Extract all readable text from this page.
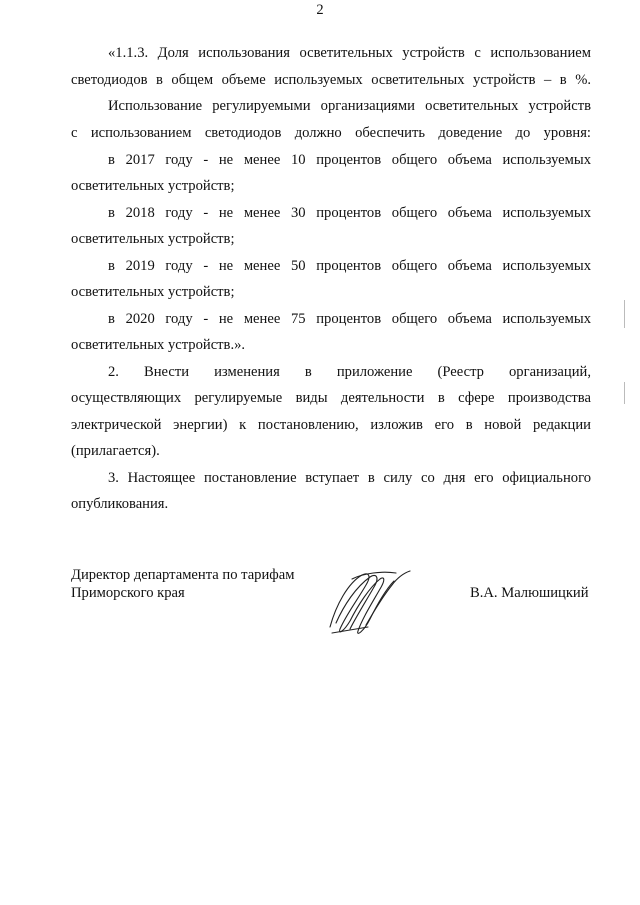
2
«1.1.3. Доля использования осветительных устройств с использованием
светодиодов в общем объеме используемых осветительных устройств – в %.
Использование регулируемыми организациями осветительных устройств
с использованием светодиодов должно обеспечить доведение до уровня:
в 2017 году - не менее 10 процентов общего объема используемых
осветительных устройств;
в 2018 году - не менее 30 процентов общего объема используемых
осветительных устройств;
в 2019 году - не менее 50 процентов общего объема используемых
осветительных устройств;
в 2020 году - не менее 75 процентов общего объема используемых
осветительных устройств.».
2. Внести изменения в приложение (Реестр организаций,
осуществляющих регулируемые виды деятельности в сфере производства
электрической энергии) к постановлению, изложив его в новой редакции
(прилагается).
3. Настоящее постановление вступает в силу со дня его официального
опубликования.
Директор департамента по тарифам
Приморского края	В.А. Малюшицкий
